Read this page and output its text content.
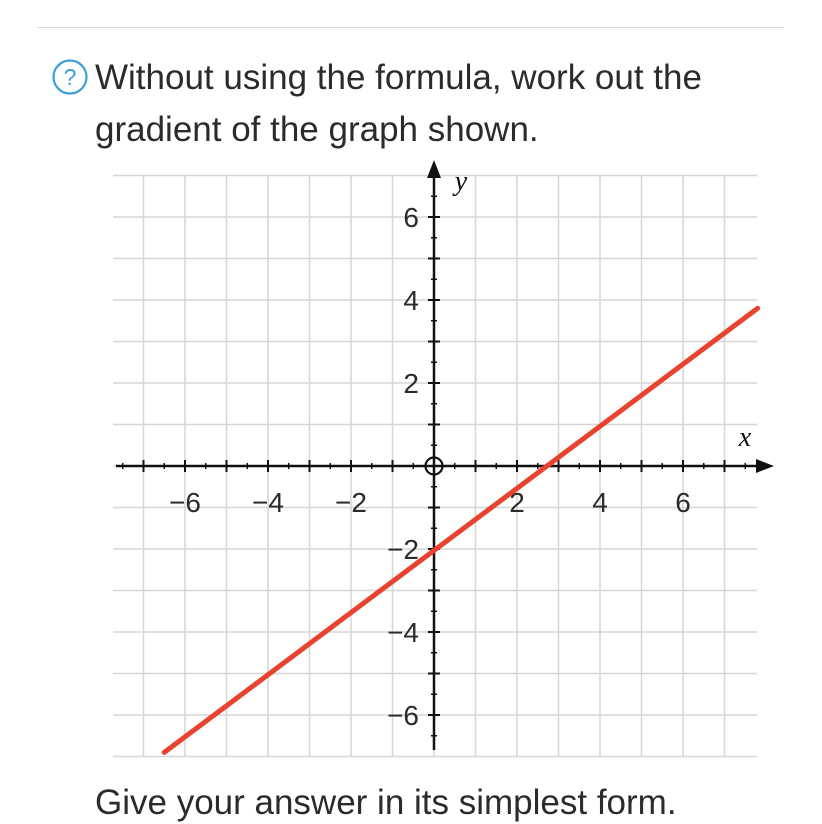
? Without using the formula, work out the
gradient of the graph shown.
−6 −4 −2	2 4 6
6
4
2
−2
−4
−6
x
y

Give your answer in its simplest form.
